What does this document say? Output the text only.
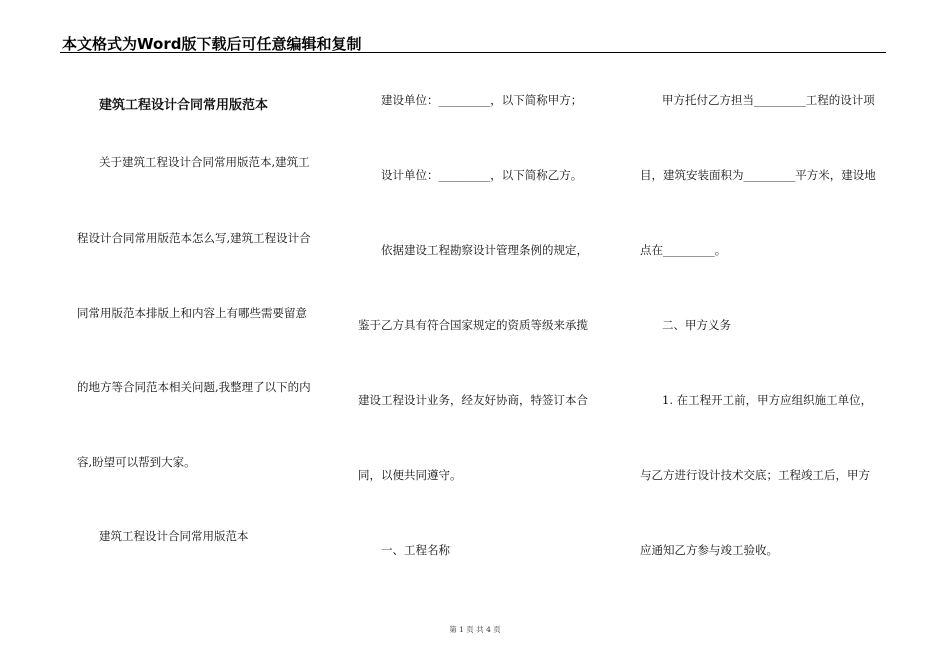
本文格式为Word版下载后可任意编辑和复制
建筑工程设计合同常用版范本
关于建筑工程设计合同常用版范本,建筑工
程设计合同常用版范本怎么写,建筑工程设计合
同常用版范本排版上和内容上有哪些需要留意
的地方等合同范本相关问题,我整理了以下的内
容,盼望可以帮到大家。
建筑工程设计合同常用版范本
建设单位：_________，以下简称甲方；
设计单位：_________，以下简称乙方。
依据建设工程勘察设计管理条例的规定，
鉴于乙方具有符合国家规定的资质等级来承揽
建设工程设计业务，经友好协商，特签订本合
同，以便共同遵守。
一、工程名称
甲方托付乙方担当_________工程的设计项
目，建筑安装面积为_________平方米，建设地
点在_________。
二、甲方义务
1. 在工程开工前，甲方应组织施工单位，
与乙方进行设计技术交底；工程竣工后，甲方
应通知乙方参与竣工验收。
第 1 页 共 4 页
